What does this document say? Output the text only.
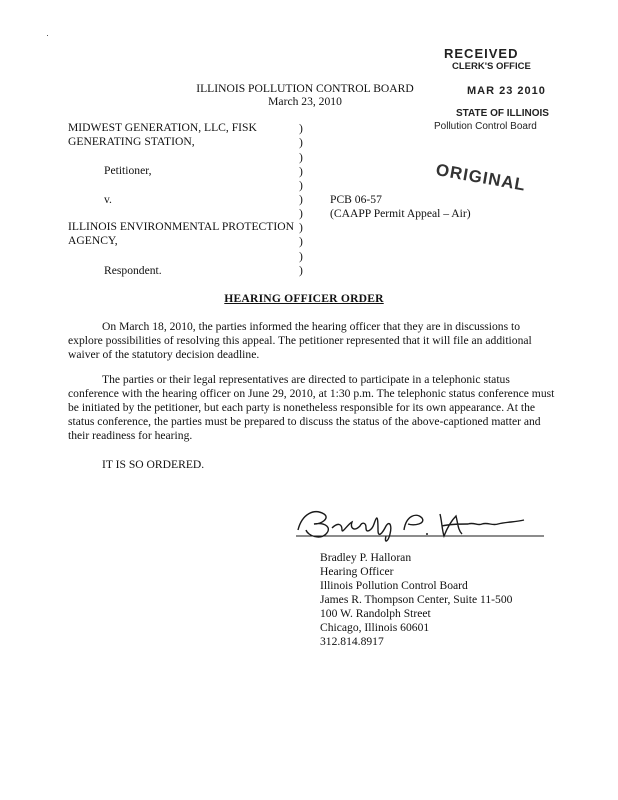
ILLINOIS POLLUTION CONTROL BOARD
March 23, 2010
RECEIVED
CLERK'S OFFICE
MAR 23 2010
STATE OF ILLINOIS
Pollution Control Board
ORIGINAL
MIDWEST GENERATION, LLC, FISK
GENERATING STATION,
Petitioner,
v.
ILLINOIS ENVIRONMENTAL PROTECTION
AGENCY,
Respondent.
)
)
)
)
)
)
)
)
)
)
)
PCB 06-57
(CAAPP Permit Appeal – Air)
HEARING OFFICER ORDER

On March 18, 2010, the parties informed the hearing officer that they are in discussions to explore possibilities of resolving this appeal. The petitioner represented that it will file an additional waiver of the statutory decision deadline.

The parties or their legal representatives are directed to participate in a telephonic status conference with the hearing officer on June 29, 2010, at 1:30 p.m. The telephonic status conference must be initiated by the petitioner, but each party is nonetheless responsible for its own appearance. At the status conference, the parties must be prepared to discuss the status of the above-captioned matter and their readiness for hearing.

IT IS SO ORDERED.

Bradley P. Halloran
Hearing Officer
Illinois Pollution Control Board
James R. Thompson Center, Suite 11-500
100 W. Randolph Street
Chicago, Illinois 60601
312.814.8917
